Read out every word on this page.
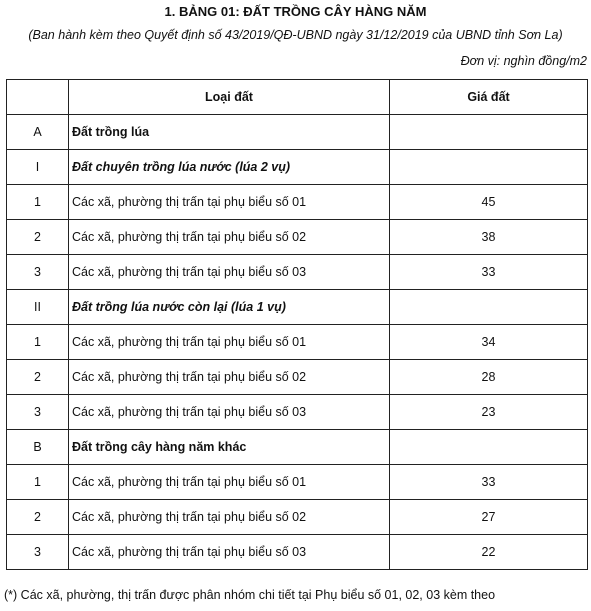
1. BẢNG 01: ĐẤT TRỒNG CÂY HÀNG NĂM
(Ban hành kèm theo Quyết định số 43/2019/QĐ-UBND ngày 31/12/2019 của UBND tỉnh Sơn La)
Đơn vị: nghìn đồng/m2
	Loại đất	Giá đất
A	Đất trồng lúa	
I	Đất chuyên trồng lúa nước (lúa 2 vụ)	
1	Các xã, phường thị trấn tại phụ biểu số 01	45
2	Các xã, phường thị trấn tại phụ biểu số 02	38
3	Các xã, phường thị trấn tại phụ biểu số 03	33
II	Đất trồng lúa nước còn lại (lúa 1 vụ)	
1	Các xã, phường thị trấn tại phụ biểu số 01	34
2	Các xã, phường thị trấn tại phụ biểu số 02	28
3	Các xã, phường thị trấn tại phụ biểu số 03	23
B	Đất trồng cây hàng năm khác	
1	Các xã, phường thị trấn tại phụ biểu số 01	33
2	Các xã, phường thị trấn tại phụ biểu số 02	27
3	Các xã, phường thị trấn tại phụ biểu số 03	22
(*) Các xã, phường, thị trấn được phân nhóm chi tiết tại Phụ biểu số 01, 02, 03 kèm theo
